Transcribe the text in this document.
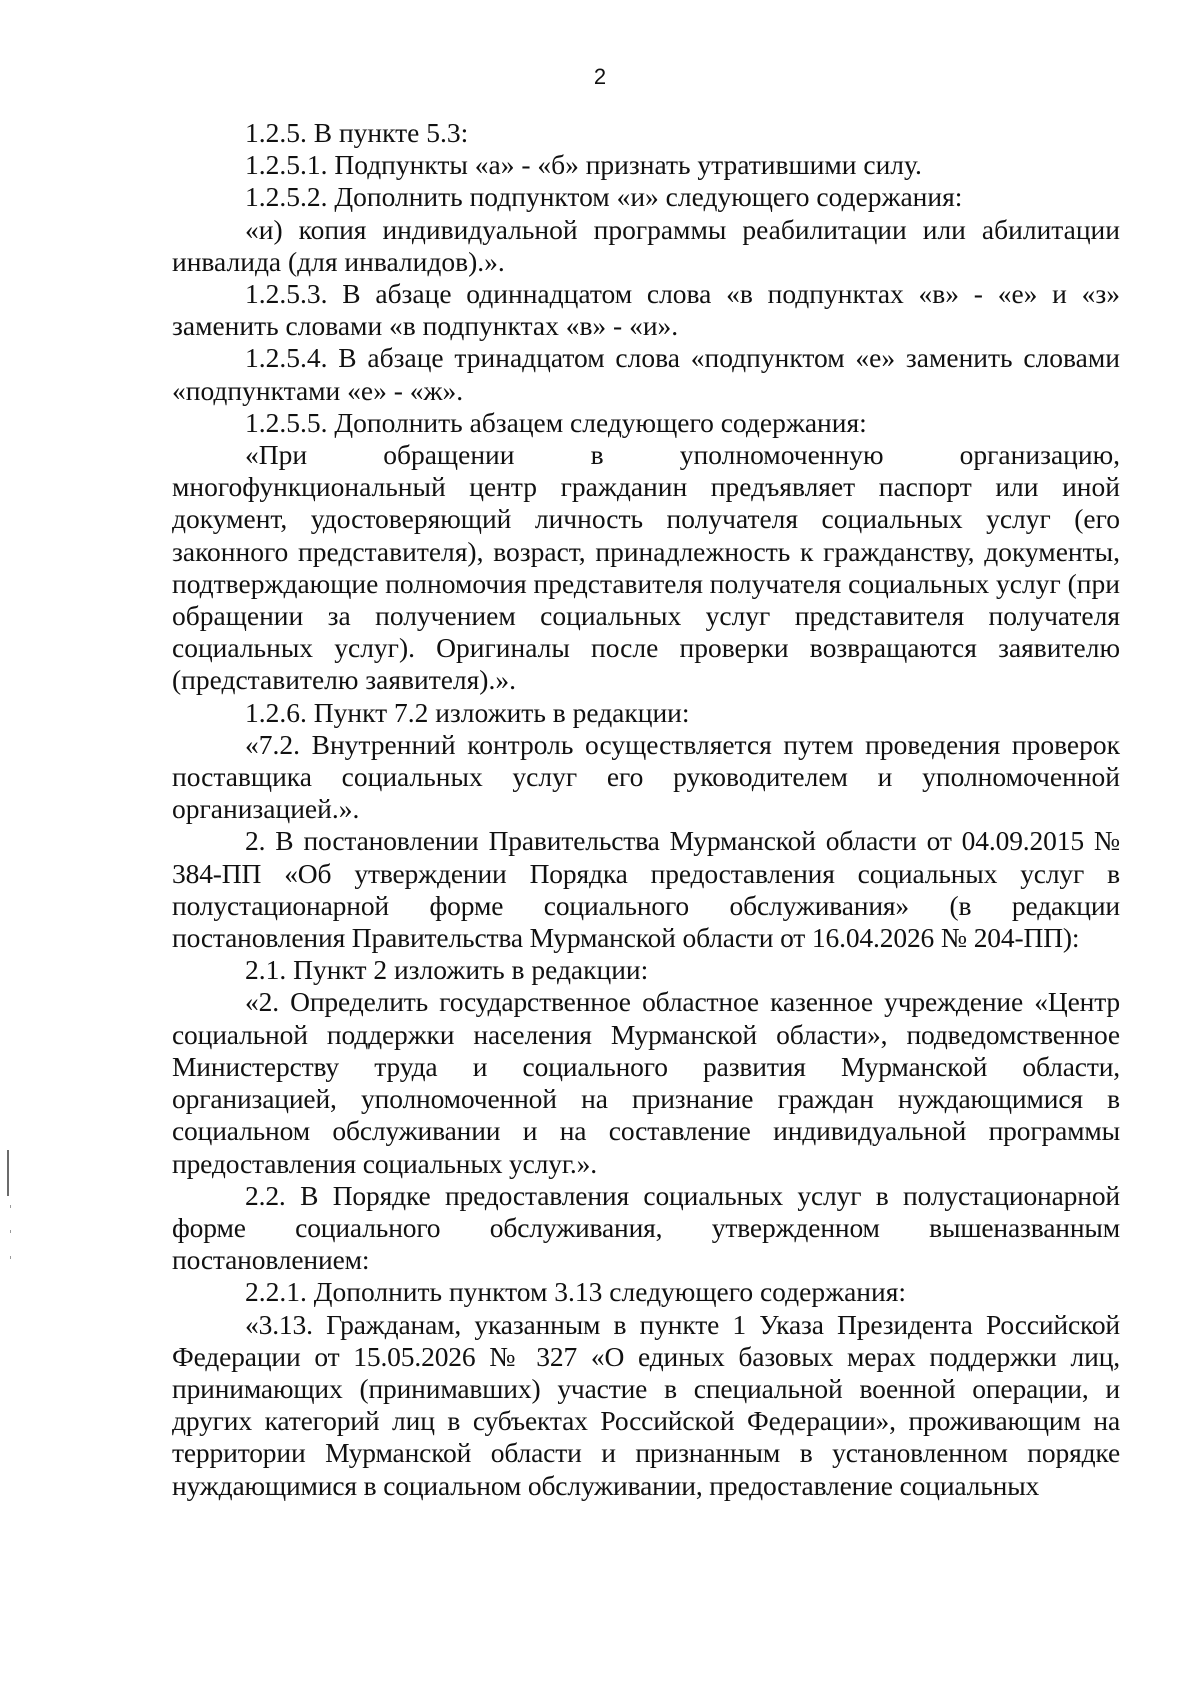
2

1.2.5. В пункте 5.3:

1.2.5.1. Подпункты «а» - «б» признать утратившими силу.

1.2.5.2. Дополнить подпунктом «и» следующего содержания:

«и) копия индивидуальной программы реабилитации или абилитации инвалида (для инвалидов).».

1.2.5.3. В абзаце одиннадцатом слова «в подпунктах «в» - «е» и «з» заменить словами «в подпунктах «в» - «и».

1.2.5.4. В абзаце тринадцатом слова «подпунктом «е» заменить словами «подпунктами «е» - «ж».

1.2.5.5. Дополнить абзацем следующего содержания:

«При обращении в уполномоченную организацию, многофункциональный центр гражданин предъявляет паспорт или иной документ, удостоверяющий личность получателя социальных услуг (его законного представителя), возраст, принадлежность к гражданству, документы, подтверждающие полномочия представителя получателя социальных услуг (при обращении за получением социальных услуг представителя получателя социальных услуг). Оригиналы после проверки возвращаются заявителю (представителю заявителя).».

1.2.6. Пункт 7.2 изложить в редакции:

«7.2. Внутренний контроль осуществляется путем проведения проверок поставщика социальных услуг его руководителем и уполномоченной организацией.».

2. В постановлении Правительства Мурманской области от 04.09.2015 № 384-ПП «Об утверждении Порядка предоставления социальных услуг в полустационарной форме социального обслуживания» (в редакции постановления Правительства Мурманской области от 16.04.2026 № 204-ПП):

2.1. Пункт 2 изложить в редакции:

«2. Определить государственное областное казенное учреждение «Центр социальной поддержки населения Мурманской области», подведомственное Министерству труда и социального развития Мурманской области, организацией, уполномоченной на признание граждан нуждающимися в социальном обслуживании и на составление индивидуальной программы предоставления социальных услуг.».

2.2. В Порядке предоставления социальных услуг в полустационарной форме социального обслуживания, утвержденном вышеназванным постановлением:

2.2.1. Дополнить пунктом 3.13 следующего содержания:

«3.13. Гражданам, указанным в пункте 1 Указа Президента Российской Федерации от 15.05.2026 № 327 «О единых базовых мерах поддержки лиц, принимающих (принимавших) участие в специальной военной операции, и других категорий лиц в субъектах Российской Федерации», проживающим на территории Мурманской области и признанным в установленном порядке нуждающимися в социальном обслуживании, предоставление социальных
